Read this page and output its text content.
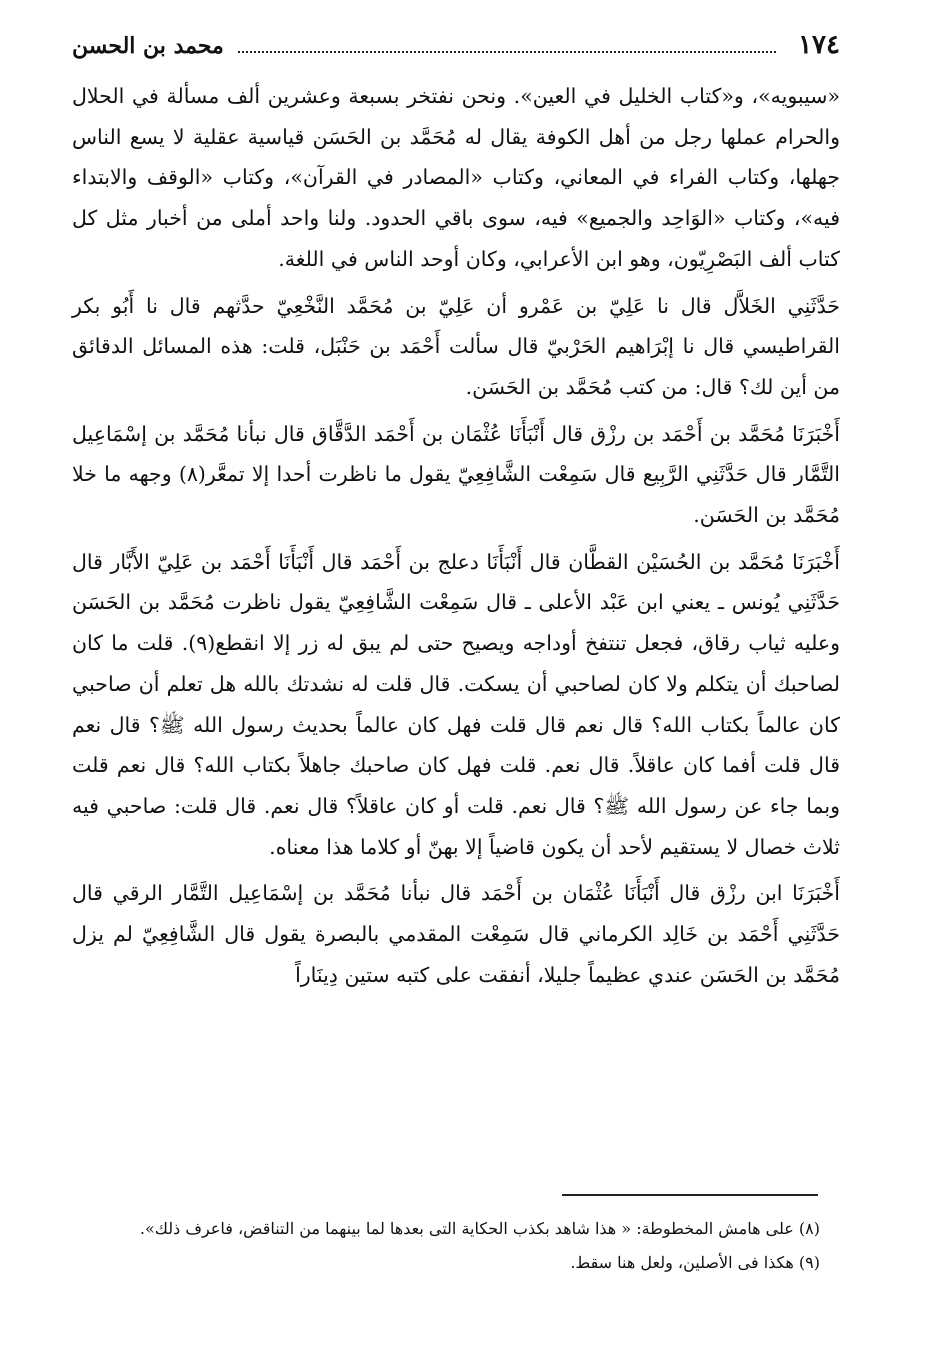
١٧٤
محمد بن الحسن

«سيبويه»، و«كتاب الخليل في العين». ونحن نفتخر بسبعة وعشرين ألف مسألة في الحلال والحرام عملها رجل من أهل الكوفة يقال له مُحَمَّد بن الحَسَن قياسية عقلية لا يسع الناس جهلها، وكتاب الفراء في المعاني، وكتاب «المصادر في القرآن»، وكتاب «الوقف والابتداء فيه»، وكتاب «الوَاحِد والجميع» فيه، سوى باقي الحدود. ولنا واحد أملى من أخبار مثل كل كتاب ألف البَصْرِيّون، وهو ابن الأعرابي، وكان أوحد الناس في اللغة.

حَدَّثَنِي الخَلاَّل قال نا عَلِيّ بن عَمْرو أن عَلِيّ بن مُحَمَّد النَّخْعِيّ حدَّثهم قال نا أَبُو بكر القراطيسي قال نا إبْرَاهيم الحَرْبيّ قال سألت أَحْمَد بن حَنْبَل، قلت: هذه المسائل الدقائق من أين لك؟ قال: من كتب مُحَمَّد بن الحَسَن.

أَخْبَرَنَا مُحَمَّد بن أَحْمَد بن رزْق قال أَنْبَأَنَا عُثْمَان بن أَحْمَد الدَّقَّاق قال نبأنا مُحَمَّد بن إسْمَاعِيل التَّمَّار قال حَدَّثَنِي الرَّبِيع قال سَمِعْت الشَّافِعِيّ يقول ما ناظرت أحدا إلا تمعَّر(٨) وجهه ما خلا مُحَمَّد بن الحَسَن.

أَخْبَرَنَا مُحَمَّد بن الحُسَيْن القطَّان قال أَنْبَأَنَا دعلج بن أَحْمَد قال أَنْبَأَنَا أَحْمَد بن عَلِيّ الأَبَّار قال حَدَّثَنِي يُونس ـ يعني ابن عَبْد الأعلى ـ قال سَمِعْت الشَّافِعِيّ يقول ناظرت مُحَمَّد بن الحَسَن وعليه ثياب رقاق، فجعل تنتفخ أوداجه ويصيح حتى لم يبق له زر إلا انقطع(٩). قلت ما كان لصاحبك أن يتكلم ولا كان لصاحبي أن يسكت. قال قلت له نشدتك بالله هل تعلم أن صاحبي كان عالماً بكتاب الله؟ قال نعم قال قلت فهل كان عالماً بحديث رسول الله ﷺ؟ قال نعم قال قلت أفما كان عاقلاً. قال نعم. قلت فهل كان صاحبك جاهلاً بكتاب الله؟ قال نعم قلت وبما جاء عن رسول الله ﷺ؟ قال نعم. قلت أو كان عاقلاً؟ قال نعم. قال قلت: صاحبي فيه ثلاث خصال لا يستقيم لأحد أن يكون قاضياً إلا بهنّ أو كلاما هذا معناه.

أَخْبَرَنَا ابن رزْق قال أَنْبَأَنَا عُثْمَان بن أَحْمَد قال نبأنا مُحَمَّد بن إسْمَاعِيل التَّمَّار الرقي قال حَدَّثَنِي أَحْمَد بن خَالِد الكرماني قال سَمِعْت المقدمي بالبصرة يقول قال الشَّافِعِيّ لم يزل مُحَمَّد بن الحَسَن عندي عظيماً جليلا، أنفقت على كتبه ستين دِينَاراً

(٨) على هامش المخطوطة: « هذا شاهد بكذب الحكاية التى بعدها لما بينهما من التناقض، فاعرف ذلك».

(٩) هكذا فى الأصلين، ولعل هنا سقط.
